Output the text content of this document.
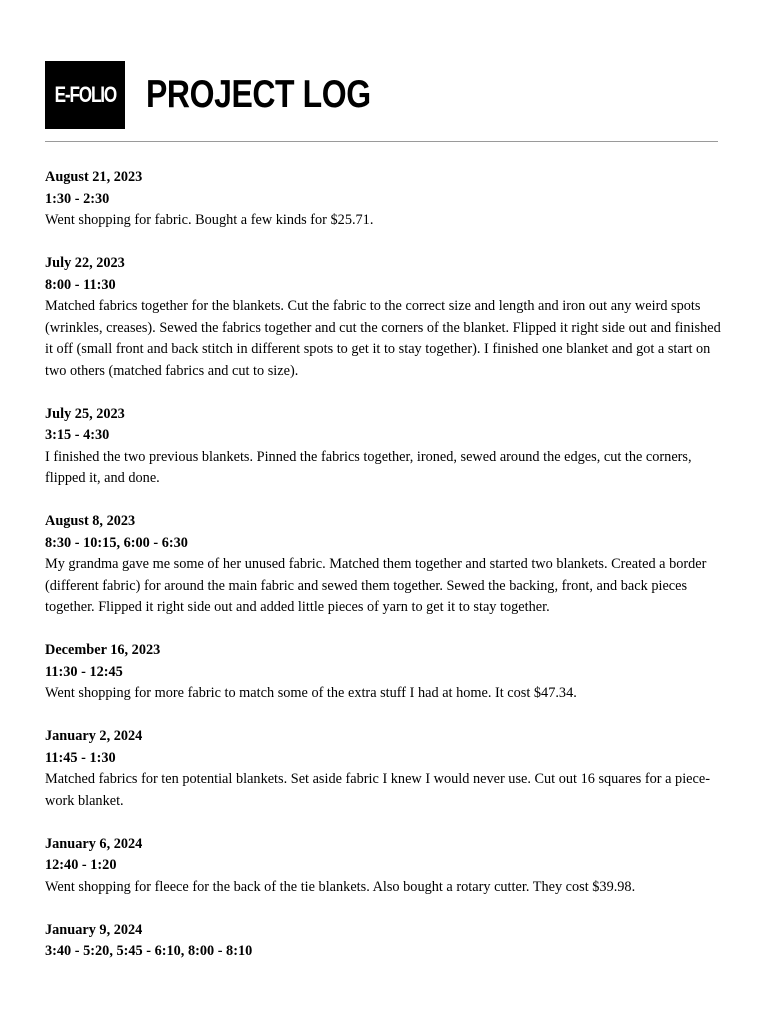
E-FOLIO PROJECT LOG
August 21, 2023
1:30 - 2:30

Went shopping for fabric. Bought a few kinds for $25.71.

July 22, 2023
8:00 - 11:30

Matched fabrics together for the blankets. Cut the fabric to the correct size and length and iron out any weird spots (wrinkles, creases). Sewed the fabrics together and cut the corners of the blanket. Flipped it right side out and finished it off (small front and back stitch in different spots to get it to stay together). I finished one blanket and got a start on two others (matched fabrics and cut to size).

July 25, 2023
3:15 - 4:30

I finished the two previous blankets. Pinned the fabrics together, ironed, sewed around the edges, cut the corners, flipped it, and done.

August 8, 2023
8:30 - 10:15, 6:00 - 6:30

My grandma gave me some of her unused fabric. Matched them together and started two blankets. Created a border (different fabric) for around the main fabric and sewed them together. Sewed the backing, front, and back pieces together. Flipped it right side out and added little pieces of yarn to get it to stay together.

December 16, 2023
11:30 - 12:45

Went shopping for more fabric to match some of the extra stuff I had at home. It cost $47.34.

January 2, 2024
11:45 - 1:30

Matched fabrics for ten potential blankets. Set aside fabric I knew I would never use. Cut out 16 squares for a piece-work blanket.

January 6, 2024
12:40 - 1:20

Went shopping for fleece for the back of the tie blankets. Also bought a rotary cutter. They cost $39.98.

January 9, 2024
3:40 - 5:20, 5:45 - 6:10, 8:00 - 8:10
